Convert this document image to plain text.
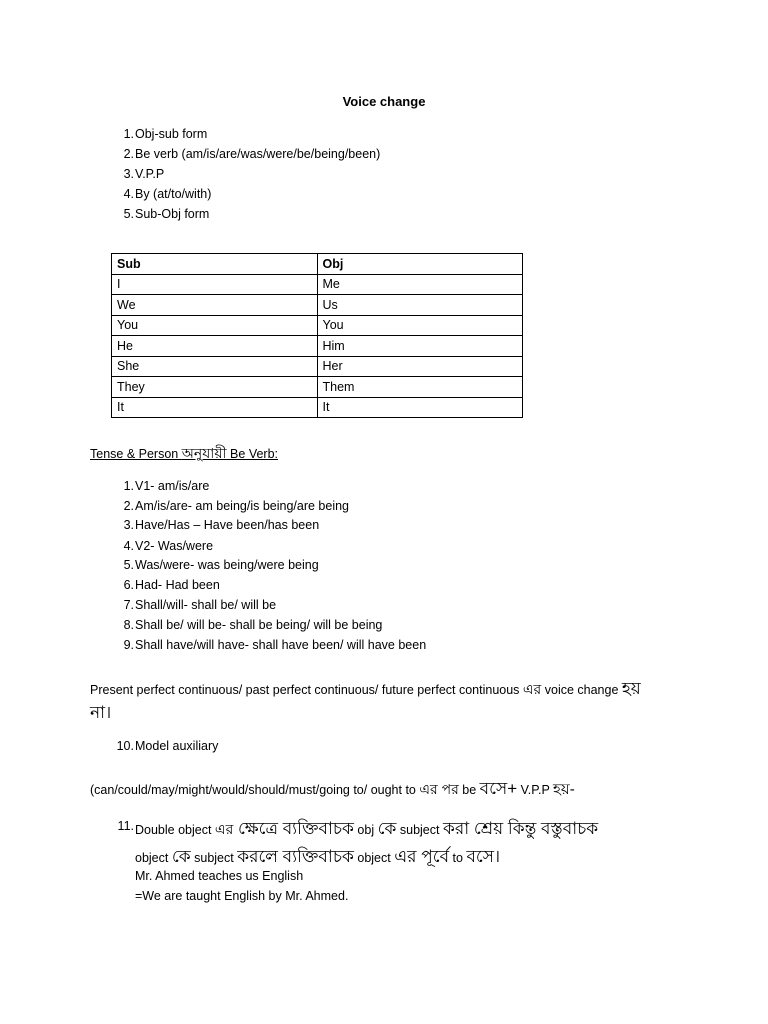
Voice change
1. Obj-sub form
2. Be verb (am/is/are/was/were/be/being/been)
3. V.P.P
4. By (at/to/with)
5. Sub-Obj form
Sub	Obj
I	Me
We	Us
You	You
He	Him
She	Her
They	Them
It	It
Tense & Person অনুযায়ী Be Verb:
1. V1- am/is/are
2. Am/is/are- am being/is being/are being
3. Have/Has – Have been/has been
4. V2- Was/were
5. Was/were- was being/were being
6. Had- Had been
7. Shall/will- shall be/ will be
8. Shall be/ will be- shall be being/ will be being
9. Shall have/will have- shall have been/ will have been
Present perfect continuous/ past perfect continuous/ future perfect continuous এর voice change হয়
না।
10. Model auxiliary
(can/could/may/might/would/should/must/going to/ ought to এর পর be বসে+ V.P.P হয়-
11. Double object এর ক্ষেত্রে ব্যক্তিবাচক obj কে subject করা শ্রেয় কিন্তু বস্তুবাচক
object কে subject করলে ব্যক্তিবাচক object এর পূর্বে to বসে।
Mr. Ahmed teaches us English
=We are taught English by Mr. Ahmed.
